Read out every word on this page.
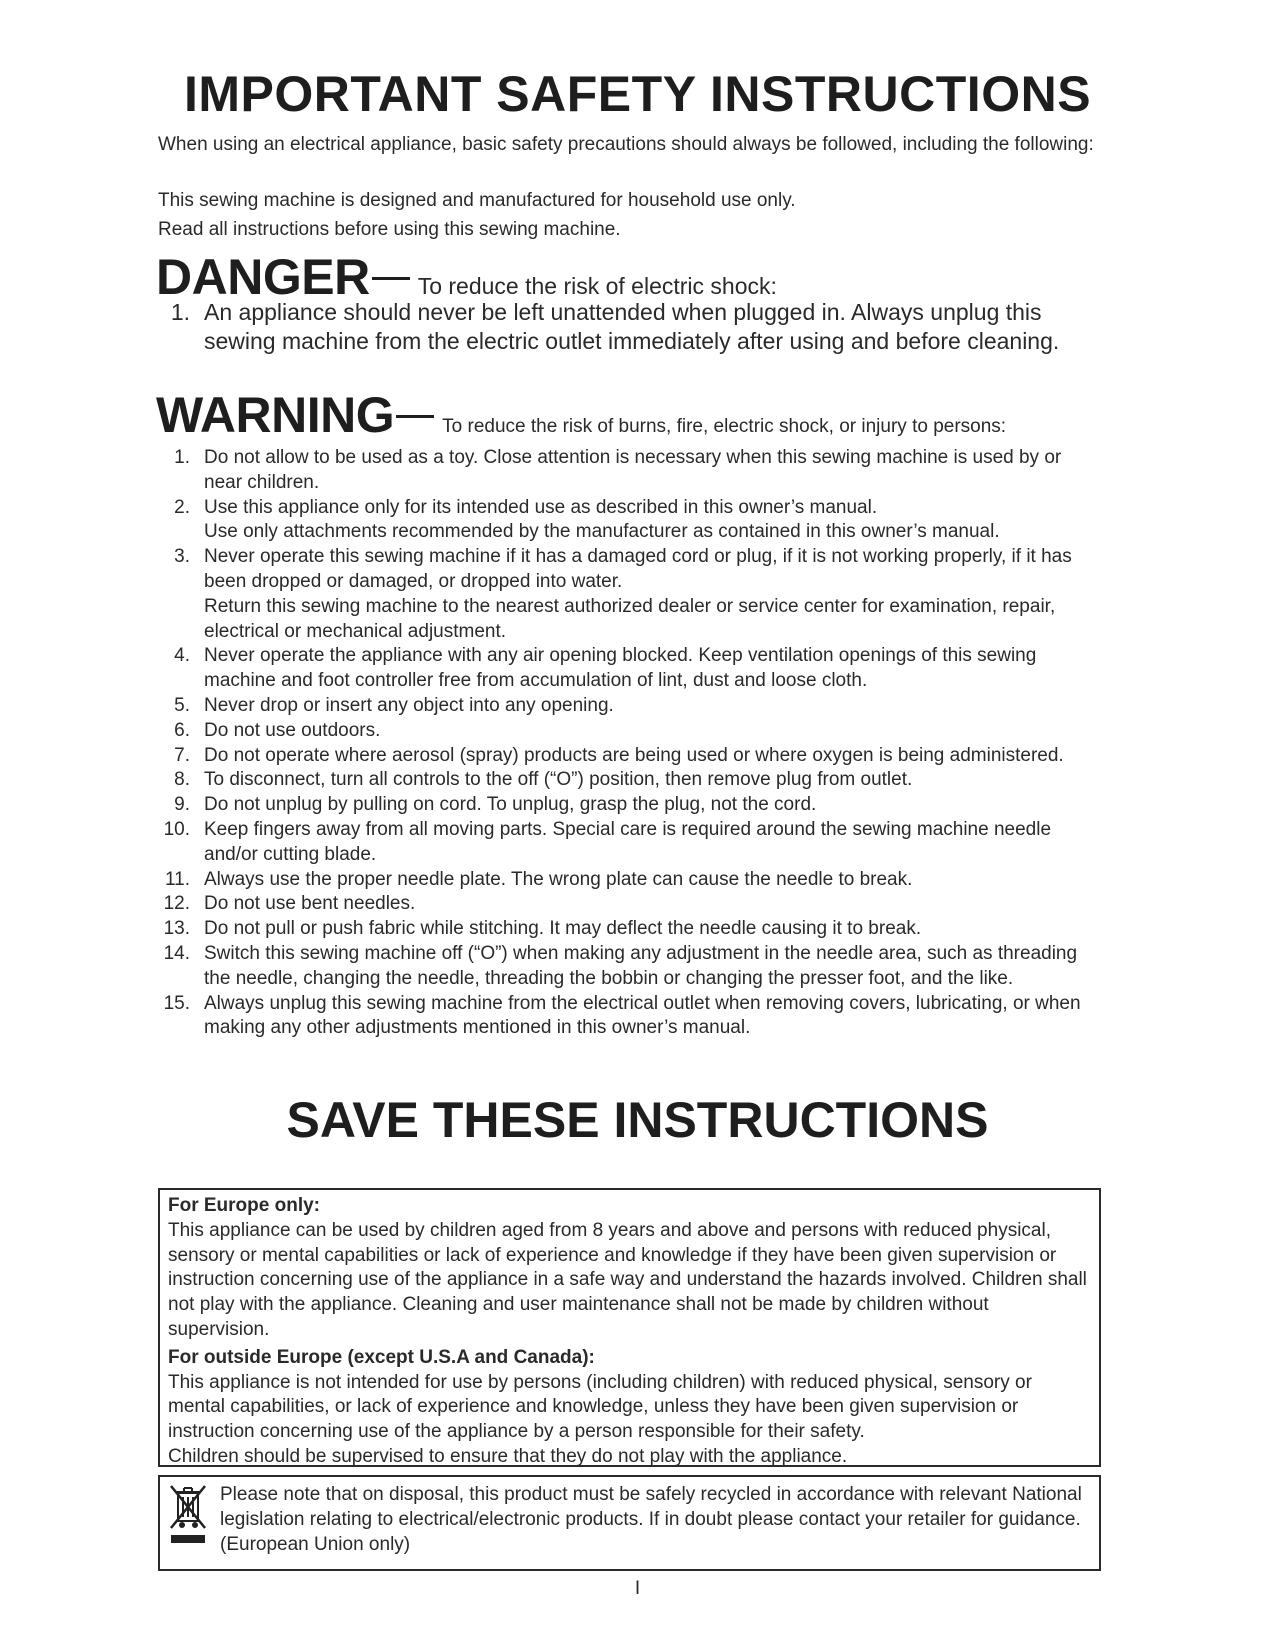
IMPORTANT SAFETY INSTRUCTIONS
When using an electrical appliance, basic safety precautions should always be followed, including the following:
This sewing machine is designed and manufactured for household use only.
Read all instructions before using this sewing machine.
DANGER To reduce the risk of electric shock:
1. An appliance should never be left unattended when plugged in. Always unplug this sewing machine from the electric outlet immediately after using and before cleaning.
WARNING	To reduce the risk of burns, fire, electric shock, or injury to persons:
1. Do not allow to be used as a toy. Close attention is necessary when this sewing machine is used by or near children.
2. Use this appliance only for its intended use as described in this owner’s manual.
Use only attachments recommended by the manufacturer as contained in this owner’s manual.
3. Never operate this sewing machine if it has a damaged cord or plug, if it is not working properly, if it has been dropped or damaged, or dropped into water.
Return this sewing machine to the nearest authorized dealer or service center for examination, repair, electrical or mechanical adjustment.
4. Never operate the appliance with any air opening blocked. Keep ventilation openings of this sewing machine and foot controller free from accumulation of lint, dust and loose cloth.
5. Never drop or insert any object into any opening.
6. Do not use outdoors.
7. Do not operate where aerosol (spray) products are being used or where oxygen is being administered.
8. To disconnect, turn all controls to the off (“O”) position, then remove plug from outlet.
9. Do not unplug by pulling on cord. To unplug, grasp the plug, not the cord.
10. Keep fingers away from all moving parts. Special care is required around the sewing machine needle and/or cutting blade.
11. Always use the proper needle plate. The wrong plate can cause the needle to break.
12. Do not use bent needles.
13. Do not pull or push fabric while stitching. It may deflect the needle causing it to break.
14. Switch this sewing machine off (“O”) when making any adjustment in the needle area, such as threading the needle, changing the needle, threading the bobbin or changing the presser foot, and the like.
15. Always unplug this sewing machine from the electrical outlet when removing covers, lubricating, or when making any other adjustments mentioned in this owner’s manual.
SAVE THESE INSTRUCTIONS
For Europe only:
This appliance can be used by children aged from 8 years and above and persons with reduced physical, sensory or mental capabilities or lack of experience and knowledge if they have been given supervision or instruction concerning use of the appliance in a safe way and understand the hazards involved. Children shall not play with the appliance. Cleaning and user maintenance shall not be made by children without supervision.
For outside Europe (except U.S.A and Canada):
This appliance is not intended for use by persons (including children) with reduced physical, sensory or mental capabilities, or lack of experience and knowledge, unless they have been given supervision or instruction concerning use of the appliance by a person responsible for their safety.
Children should be supervised to ensure that they do not play with the appliance.
Please note that on disposal, this product must be safely recycled in accordance with relevant National legislation relating to electrical/electronic products. If in doubt please contact your retailer for guidance. (European Union only)
I
